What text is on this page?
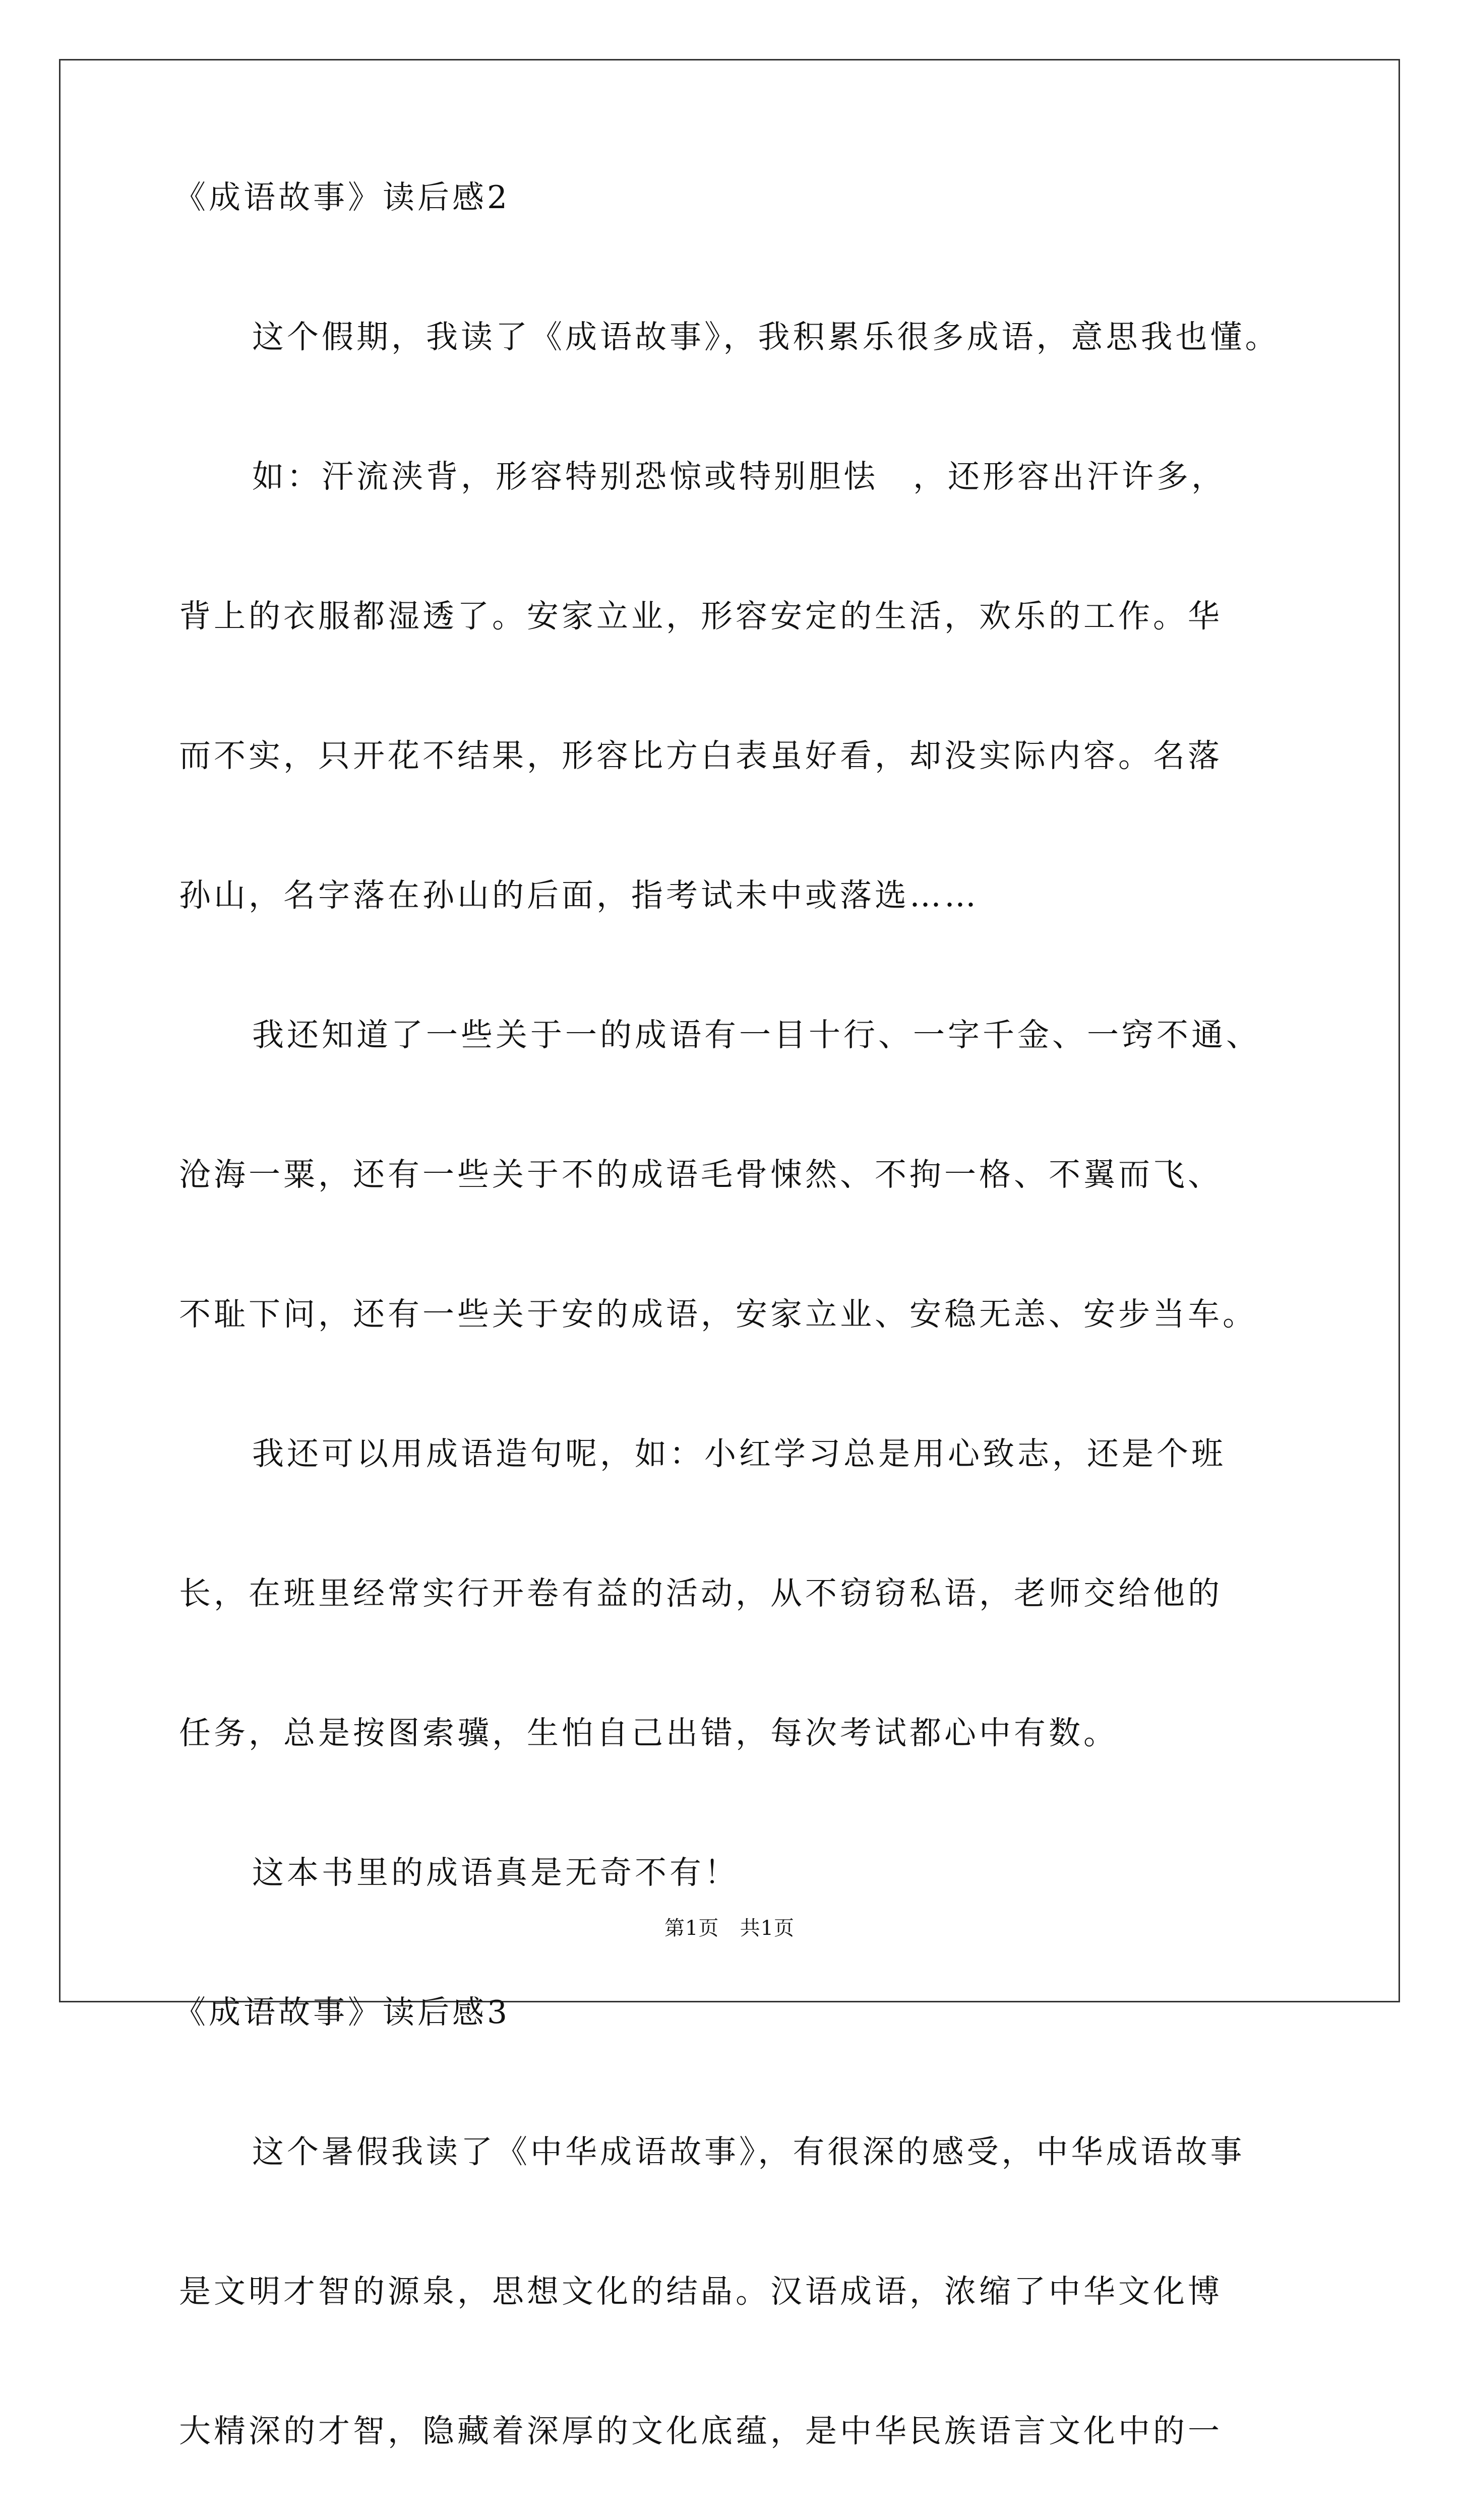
《成语故事》读后感2
这个假期，我读了《成语故事》，我积累乐很多成语，意思我也懂。
如：汗流浃背，形容特别恐惊或特别胆怯　，还形容出汗许多，
背上的衣服都湿透了。安家立业，形容安定的生活，欢乐的工作。华
而不实，只开花不结果，形容比方白表虽好看，却没实际内容。名落
孙山，名字落在孙山的后面，指考试未中或落选……
我还知道了一些关于一的成语有一目十行、一字千金、一窍不通、
沧海一粟，还有一些关于不的成语毛骨悚然、不拘一格、不翼而飞、
不耻下问，还有一些关于安的成语，安家立业、安稳无恙、安步当车。
我还可以用成语造句呢，如：小红学习总是用心致志，还是个班
长，在班里经常实行开卷有益的活动，从不窃窃私语，老师交给他的
任务，总是按图索骥，生怕自己出错，每次考试都心中有数。
这本书里的成语真是无奇不有！
《成语故事》读后感3
这个暑假我读了《中华成语故事》，有很深的感受，中华成语故事
是文明才智的源泉，思想文化的结晶。汉语成语，浓缩了中华文化博
大精深的才智，隐藏着深厚的文化底蕴，是中华民族语言文化中的一
第1页 共1页
